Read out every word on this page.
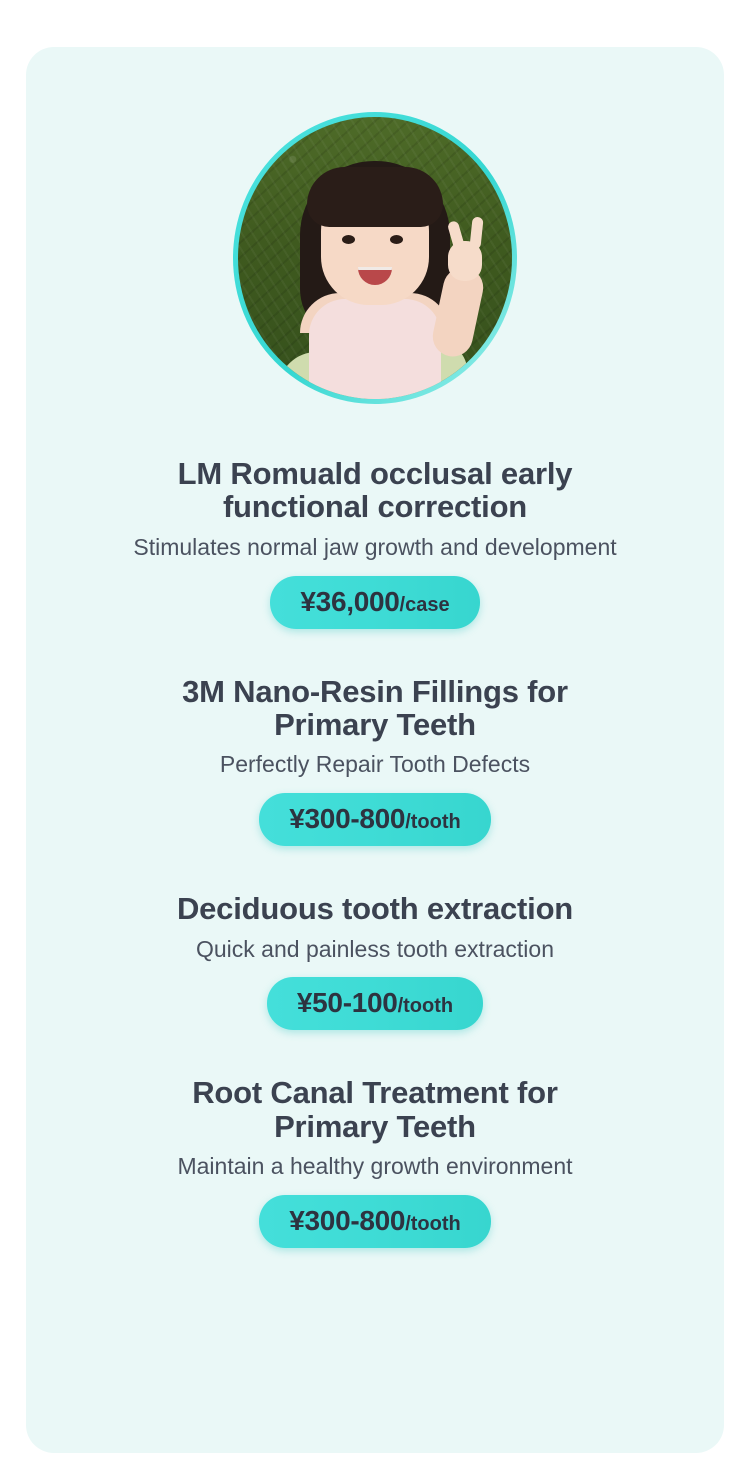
LM Romuald occlusal early functional correction
Stimulates normal jaw growth and development
¥36,000/case
3M Nano-Resin Fillings for Primary Teeth
Perfectly Repair Tooth Defects
¥300-800/tooth
Deciduous tooth extraction
Quick and painless tooth extraction
¥50-100/tooth
Root Canal Treatment for Primary Teeth
Maintain a healthy growth environment
¥300-800/tooth
